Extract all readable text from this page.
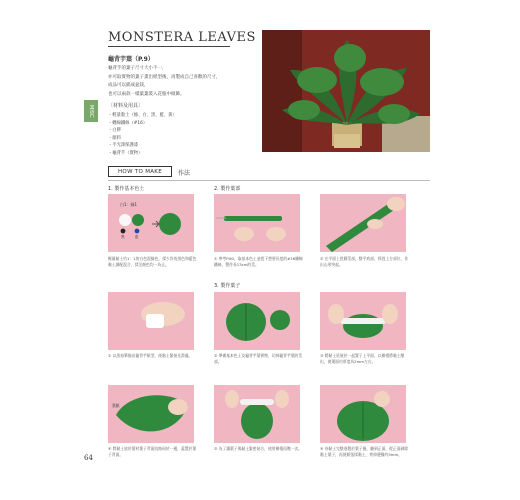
MISC
MONSTERA LEAVES
龜背芋葉（P.9）
龜背芋的葉子尺寸大小不一，
亦可取實物的葉子畫出紙型後，再製成自己喜歡的尺寸，
成品可以插成盆栽，
也可以兩款一樣葉葉裝入花瓶中做飾。
〔材料及用具〕
・輕量黏土（綠、白、黑、藍、黃）
・纏線鐵絲（#16）
・白膠
・顏料
・半光澤保護漆
・龜背芋（實物）
HOW TO MAKE	作法
1. 製作基本色土	2. 製作葉部
白1：綠1
黑	藍
輕量黏土約1：1的白色混綠色，揉少許的黑色和藍色黏土調配混合，揉至顏色均一為止。
① 參考P.60，取基本色土並搓下想要長度的#16纏線鐵絲，製作長13cm的莖。
② 在平面上搓圓莖部，整平底部，抓捏上方部位，作出山形突起。
3. 製作葉子
① 以黑鉛筆描出龜背芋紙型，使黏土緊接光滑處。	② 準備基本色土及龜背芋葉實物，切掉龜背芋葉的莖部。
③ 將黏土延展於一起置子上平面，以擀棍將黏土壓出，使葉面約厚度為2mm左右。
葉脈
④ 將黏土放於葉材葉子背面紋路同於一邊，蓋置於葉子背面。
⑤ 為了讓葉子與黏土緊密貼合，使用擀棍再壓一次。	⑥ 待黏土完整逐製於葉子後，翻到正面，從正面剝除黏土葉子，再使紙張揉黏土，剪掉邊緣約5mm。
64
